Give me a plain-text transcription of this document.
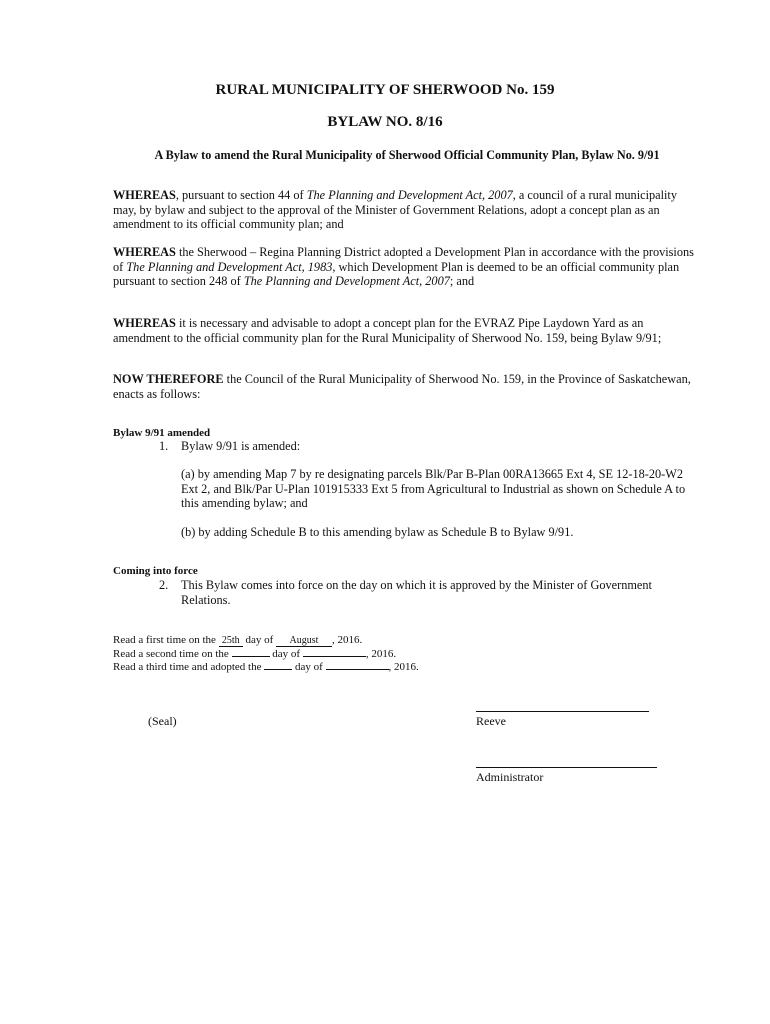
RURAL MUNICIPALITY OF SHERWOOD No. 159
BYLAW NO. 8/16
A Bylaw to amend the Rural Municipality of Sherwood Official Community Plan, Bylaw No. 9/91
WHEREAS, pursuant to section 44 of The Planning and Development Act, 2007, a council of a rural municipality may, by bylaw and subject to the approval of the Minister of Government Relations, adopt a concept plan as an amendment to its official community plan; and
WHEREAS the Sherwood – Regina Planning District adopted a Development Plan in accordance with the provisions of The Planning and Development Act, 1983, which Development Plan is deemed to be an official community plan pursuant to section 248 of The Planning and Development Act, 2007; and
WHEREAS it is necessary and advisable to adopt a concept plan for the EVRAZ Pipe Laydown Yard as an amendment to the official community plan for the Rural Municipality of Sherwood No. 159, being Bylaw 9/91;
NOW THEREFORE the Council of the Rural Municipality of Sherwood No. 159, in the Province of Saskatchewan, enacts as follows:
Bylaw 9/91 amended
1. Bylaw 9/91 is amended:
(a) by amending Map 7 by re designating parcels Blk/Par B-Plan 00RA13665 Ext 4, SE 12-18-20-W2 Ext 2, and Blk/Par U-Plan 101915333 Ext 5 from Agricultural to Industrial as shown on Schedule A to this amending bylaw; and
(b) by adding Schedule B to this amending bylaw as Schedule B to Bylaw 9/91.
Coming into force
2. This Bylaw comes into force on the day on which it is approved by the Minister of Government Relations.
Read a first time on the 25th day of August , 2016.
Read a second time on the	day of	, 2016.
Read a third time and adopted the	day of	, 2016.
(Seal)	Reeve
Administrator
